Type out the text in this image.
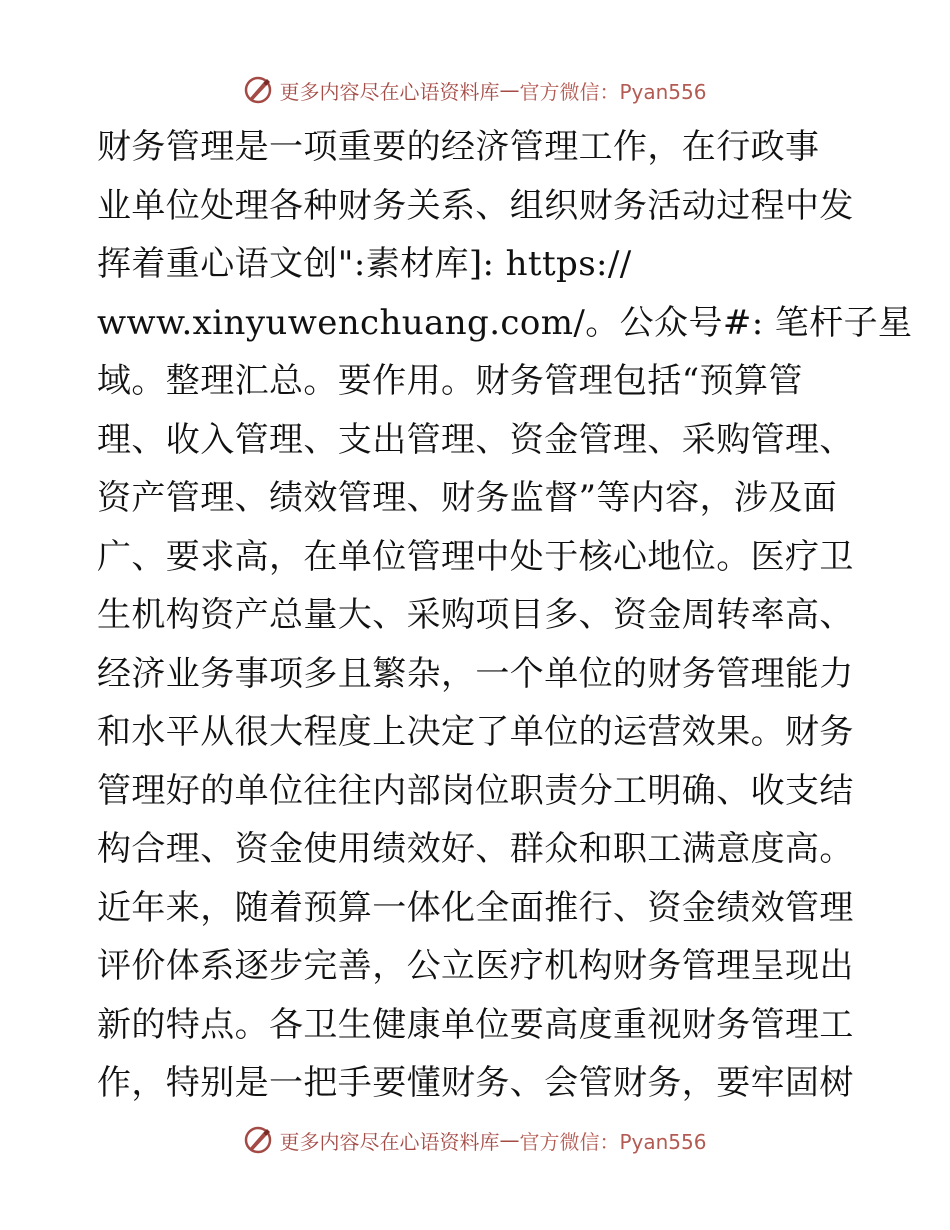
更多内容尽在心语资料库 — 官方微信：Pyan556
财务管理是一项重要的经济管理工作，在行政事
业单位处理各种财务关系、组织财务活动过程中发
挥着重心语文创":素材库]: https://
www.xinyuwenchuang.com/。公众号#: 笔杆子星
域。整理汇总。要作用。财务管理包括“预算管
理、收入管理、支出管理、资金管理、采购管理、
资产管理、绩效管理、财务监督”等内容，涉及面
广、要求高，在单位管理中处于核心地位。医疗卫
生机构资产总量大、采购项目多、资金周转率高、
经济业务事项多且繁杂，一个单位的财务管理能力
和水平从很大程度上决定了单位的运营效果。财务
管理好的单位往往内部岗位职责分工明确、收支结
构合理、资金使用绩效好、群众和职工满意度高。
近年来，随着预算一体化全面推行、资金绩效管理
评价体系逐步完善，公立医疗机构财务管理呈现出
新的特点。各卫生健康单位要高度重视财务管理工
作，特别是一把手要懂财务、会管财务，要牢固树
更多内容尽在心语资料库 — 官方微信：Pyan556
